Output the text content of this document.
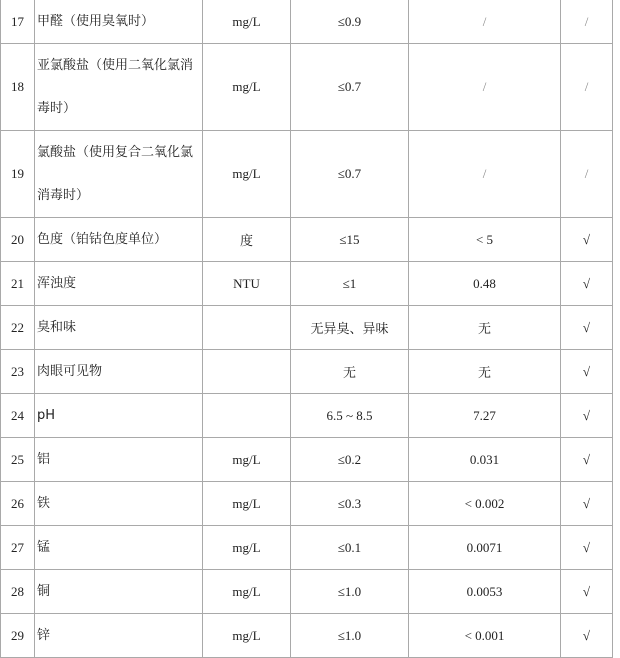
17	甲醛（使用臭氧时）	mg/L	≤0.9	/	/
18	亚氯酸盐（使用二氧化氯消毒时）	mg/L	≤0.7	/	/
19	氯酸盐（使用复合二氧化氯消毒时）	mg/L	≤0.7	/	/
20	色度（铂钴色度单位）	度	≤15	< 5	√
21	浑浊度	NTU	≤1	0.48	√
22	臭和味		无异臭、异味	无	√
23	肉眼可见物		无	无	√
24	pH		6.5 ~ 8.5	7.27	√
25	铝	mg/L	≤0.2	0.031	√
26	铁	mg/L	≤0.3	< 0.002	√
27	锰	mg/L	≤0.1	0.0071	√
28	铜	mg/L	≤1.0	0.0053	√
29	锌	mg/L	≤1.0	< 0.001	√
